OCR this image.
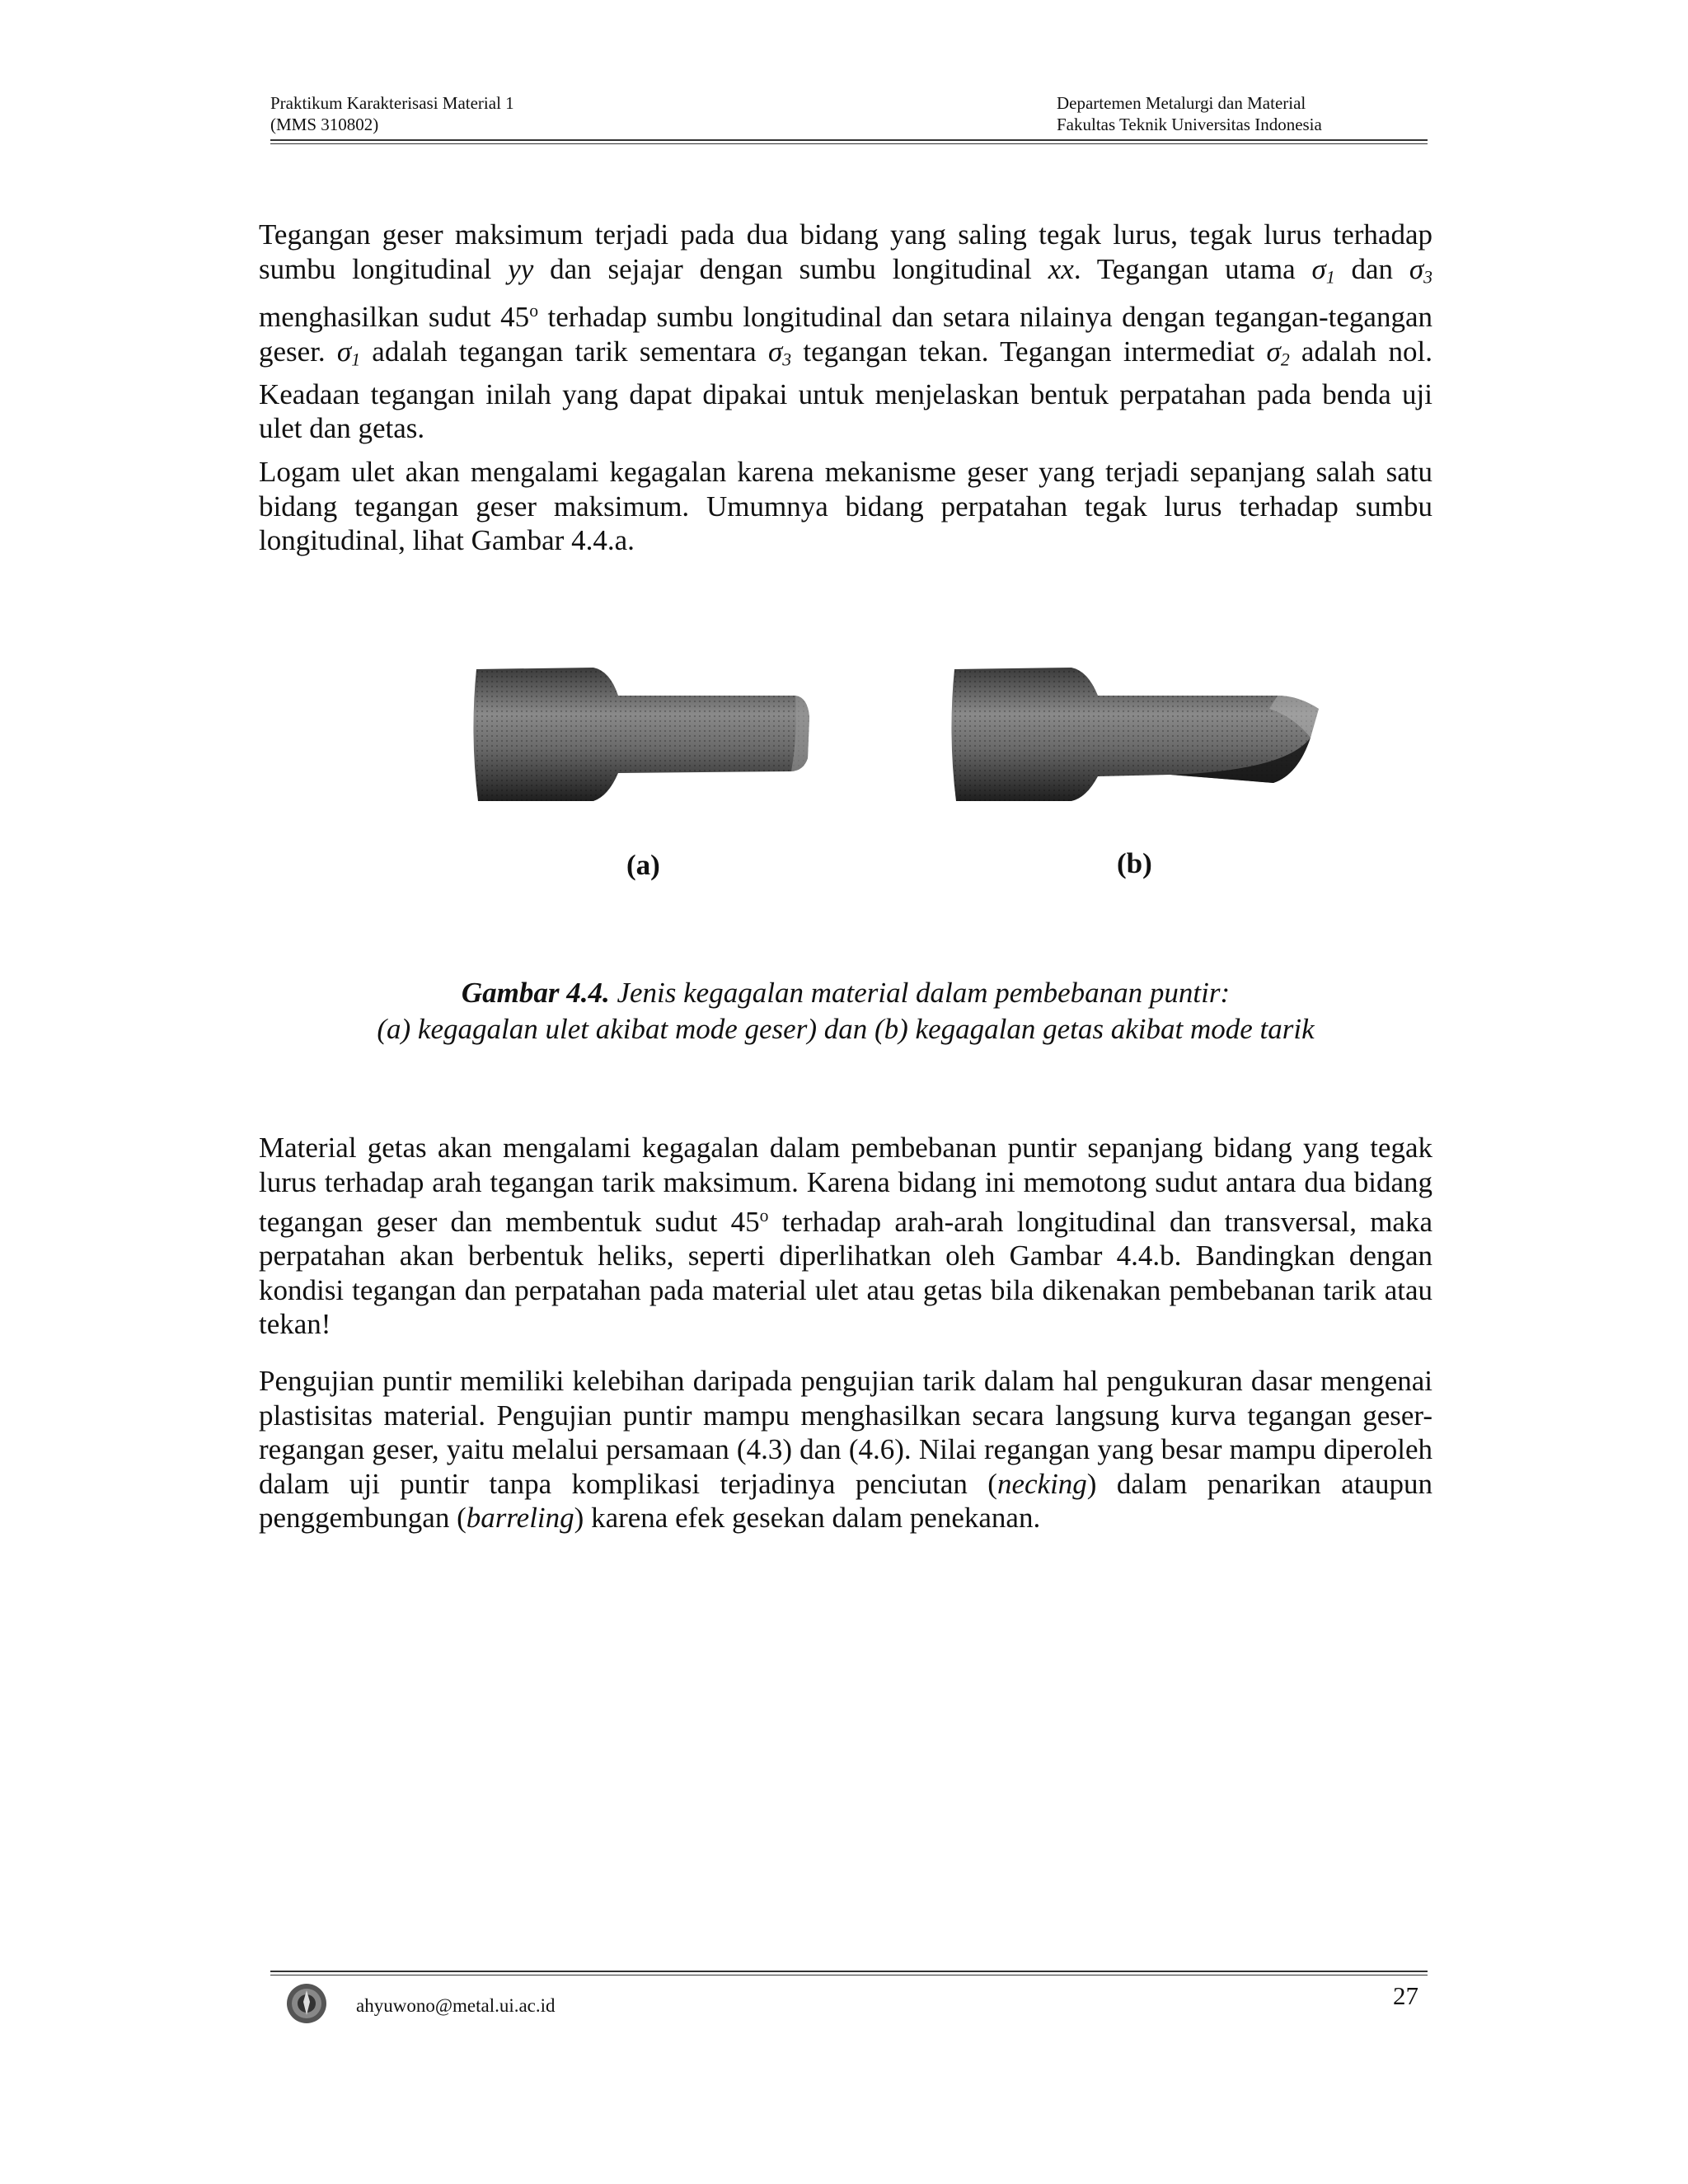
Praktikum Karakterisasi Material 1
(MMS 310802)
Departemen Metalurgi dan Material
Fakultas Teknik Universitas Indonesia

Tegangan geser maksimum terjadi pada dua bidang yang saling tegak lurus, tegak lurus terhadap sumbu longitudinal yy dan sejajar dengan sumbu longitudinal xx. Tegangan utama $\sigma_1$ dan $\sigma_3$ menghasilkan sudut 45$^o$ terhadap sumbu longitudinal dan setara nilainya dengan tegangan-tegangan geser. $\sigma_1$ adalah tegangan tarik sementara $\sigma_3$ tegangan tekan. Tegangan intermediat $\sigma_2$ adalah nol. Keadaan tegangan inilah yang dapat dipakai untuk menjelaskan bentuk perpatahan pada benda uji ulet dan getas.

Logam ulet akan mengalami kegagalan karena mekanisme geser yang terjadi sepanjang salah satu bidang tegangan geser maksimum. Umumnya bidang perpatahan tegak lurus terhadap sumbu longitudinal, lihat Gambar 4.4.a.

(a)	(b)
Gambar 4.4. Jenis kegagalan material dalam pembebanan puntir:
(a) kegagalan ulet akibat mode geser) dan (b) kegagalan getas akibat mode tarik

Material getas akan mengalami kegagalan dalam pembebanan puntir sepanjang bidang yang tegak lurus terhadap arah tegangan tarik maksimum. Karena bidang ini memotong sudut antara dua bidang tegangan geser dan membentuk sudut 45$^o$ terhadap arah-arah longitudinal dan transversal, maka perpatahan akan berbentuk heliks, seperti diperlihatkan oleh Gambar 4.4.b. Bandingkan dengan kondisi tegangan dan perpatahan pada material ulet atau getas bila dikenakan pembebanan tarik atau tekan!

Pengujian puntir memiliki kelebihan daripada pengujian tarik dalam hal pengukuran dasar mengenai plastisitas material. Pengujian puntir mampu menghasilkan secara langsung kurva tegangan geser-regangan geser, yaitu melalui persamaan (4.3) dan (4.6). Nilai regangan yang besar mampu diperoleh dalam uji puntir tanpa komplikasi terjadinya penciutan (necking) dalam penarikan ataupun penggembungan (barreling) karena efek gesekan dalam penekanan.

ahyuwono@metal.ui.ac.id	27
